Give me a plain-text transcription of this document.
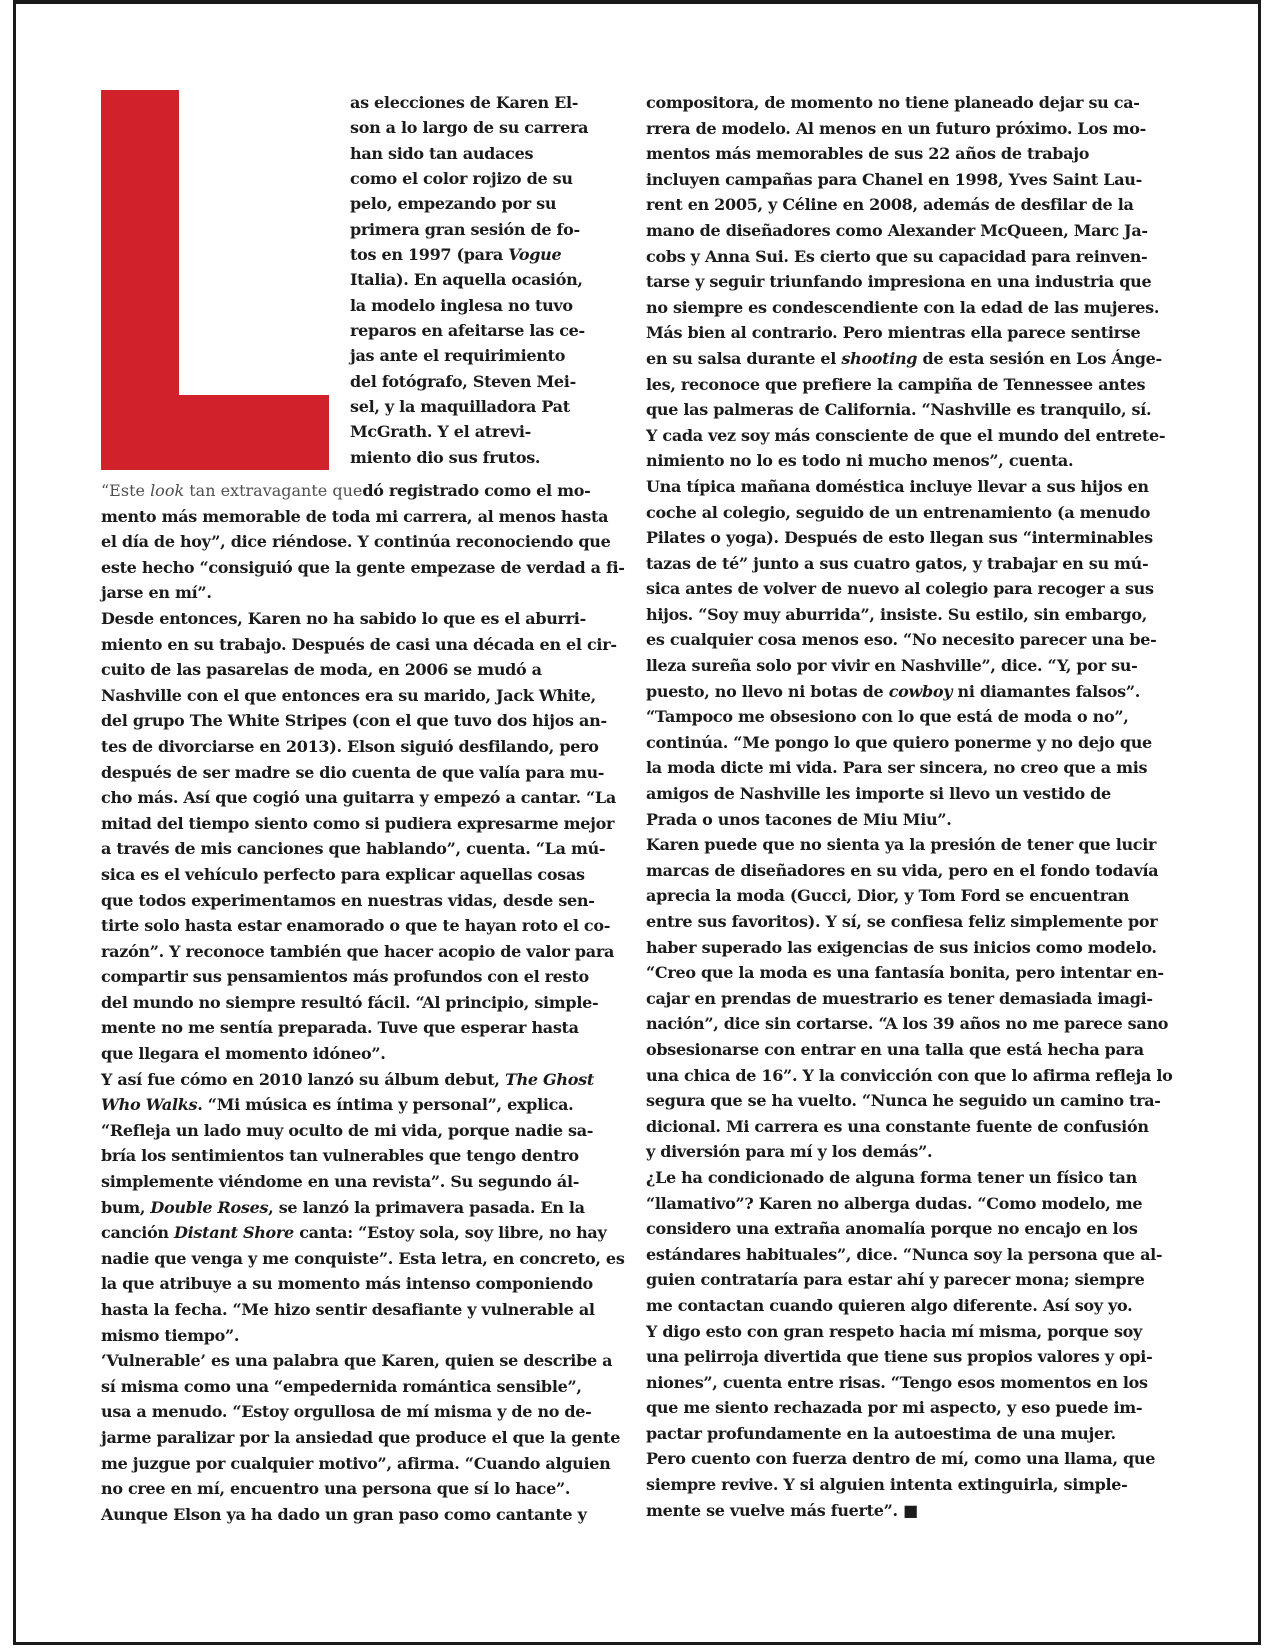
as elecciones de Karen El-
son a lo largo de su carrera
han sido tan audaces
como el color rojizo de su
pelo, empezando por su
primera gran sesión de fo-
tos en 1997 (para Vogue
Italia). En aquella ocasión,
la modelo inglesa no tuvo
reparos en afeitarse las ce-
jas ante el requirimiento
del fotógrafo, Steven Mei-
sel, y la maquilladora Pat
McGrath. Y el atrevi-
miento dio sus frutos.
“Este look tan extravagante quedó registrado como el mo-
mento más memorable de toda mi carrera, al menos hasta
el día de hoy”, dice riéndose. Y continúa reconociendo que
este hecho “consiguió que la gente empezase de verdad a fi-
jarse en mí”.
Desde entonces, Karen no ha sabido lo que es el aburri-
miento en su trabajo. Después de casi una década en el cir-
cuito de las pasarelas de moda, en 2006 se mudó a
Nashville con el que entonces era su marido, Jack White,
del grupo The White Stripes (con el que tuvo dos hijos an-
tes de divorciarse en 2013). Elson siguió desfilando, pero
después de ser madre se dio cuenta de que valía para mu-
cho más. Así que cogió una guitarra y empezó a cantar. “La
mitad del tiempo siento como si pudiera expresarme mejor
a través de mis canciones que hablando”, cuenta. “La mú-
sica es el vehículo perfecto para explicar aquellas cosas
que todos experimentamos en nuestras vidas, desde sen-
tirte solo hasta estar enamorado o que te hayan roto el co-
razón”. Y reconoce también que hacer acopio de valor para
compartir sus pensamientos más profundos con el resto
del mundo no siempre resultó fácil. “Al principio, simple-
mente no me sentía preparada. Tuve que esperar hasta
que llegara el momento idóneo”.
Y así fue cómo en 2010 lanzó su álbum debut, The Ghost
Who Walks. “Mi música es íntima y personal”, explica.
“Refleja un lado muy oculto de mi vida, porque nadie sa-
bría los sentimientos tan vulnerables que tengo dentro
simplemente viéndome en una revista”. Su segundo ál-
bum, Double Roses, se lanzó la primavera pasada. En la
canción Distant Shore canta: “Estoy sola, soy libre, no hay
nadie que venga y me conquiste”. Esta letra, en concreto, es
la que atribuye a su momento más intenso componiendo
hasta la fecha. “Me hizo sentir desafiante y vulnerable al
mismo tiempo”.
‘Vulnerable’ es una palabra que Karen, quien se describe a
sí misma como una “empedernida romántica sensible”,
usa a menudo. “Estoy orgullosa de mí misma y de no de-
jarme paralizar por la ansiedad que produce el que la gente
me juzgue por cualquier motivo”, afirma. “Cuando alguien
no cree en mí, encuentro una persona que sí lo hace”.
Aunque Elson ya ha dado un gran paso como cantante y
compositora, de momento no tiene planeado dejar su ca-
rrera de modelo. Al menos en un futuro próximo. Los mo-
mentos más memorables de sus 22 años de trabajo
incluyen campañas para Chanel en 1998, Yves Saint Lau-
rent en 2005, y Céline en 2008, además de desfilar de la
mano de diseñadores como Alexander McQueen, Marc Ja-
cobs y Anna Sui. Es cierto que su capacidad para reinven-
tarse y seguir triunfando impresiona en una industria que
no siempre es condescendiente con la edad de las mujeres.
Más bien al contrario. Pero mientras ella parece sentirse
en su salsa durante el shooting de esta sesión en Los Ánge-
les, reconoce que prefiere la campiña de Tennessee antes
que las palmeras de California. “Nashville es tranquilo, sí.
Y cada vez soy más consciente de que el mundo del entrete-
nimiento no lo es todo ni mucho menos”, cuenta.
Una típica mañana doméstica incluye llevar a sus hijos en
coche al colegio, seguido de un entrenamiento (a menudo
Pilates o yoga). Después de esto llegan sus “interminables
tazas de té” junto a sus cuatro gatos, y trabajar en su mú-
sica antes de volver de nuevo al colegio para recoger a sus
hijos. “Soy muy aburrida”, insiste. Su estilo, sin embargo,
es cualquier cosa menos eso. “No necesito parecer una be-
lleza sureña solo por vivir en Nashville”, dice. “Y, por su-
puesto, no llevo ni botas de cowboy ni diamantes falsos”.
“Tampoco me obsesiono con lo que está de moda o no”,
continúa. “Me pongo lo que quiero ponerme y no dejo que
la moda dicte mi vida. Para ser sincera, no creo que a mis
amigos de Nashville les importe si llevo un vestido de
Prada o unos tacones de Miu Miu”.
Karen puede que no sienta ya la presión de tener que lucir
marcas de diseñadores en su vida, pero en el fondo todavía
aprecia la moda (Gucci, Dior, y Tom Ford se encuentran
entre sus favoritos). Y sí, se confiesa feliz simplemente por
haber superado las exigencias de sus inicios como modelo.
“Creo que la moda es una fantasía bonita, pero intentar en-
cajar en prendas de muestrario es tener demasiada imagi-
nación”, dice sin cortarse. “A los 39 años no me parece sano
obsesionarse con entrar en una talla que está hecha para
una chica de 16”. Y la convicción con que lo afirma refleja lo
segura que se ha vuelto. “Nunca he seguido un camino tra-
dicional. Mi carrera es una constante fuente de confusión
y diversión para mí y los demás”.
¿Le ha condicionado de alguna forma tener un físico tan
“llamativo”? Karen no alberga dudas. “Como modelo, me
considero una extraña anomalía porque no encajo en los
estándares habituales”, dice. “Nunca soy la persona que al-
guien contrataría para estar ahí y parecer mona; siempre
me contactan cuando quieren algo diferente. Así soy yo.
Y digo esto con gran respeto hacia mí misma, porque soy
una pelirroja divertida que tiene sus propios valores y opi-
niones”, cuenta entre risas. “Tengo esos momentos en los
que me siento rechazada por mi aspecto, y eso puede im-
pactar profundamente en la autoestima de una mujer.
Pero cuento con fuerza dentro de mí, como una llama, que
siempre revive. Y si alguien intenta extinguirla, simple-
mente se vuelve más fuerte”. ■
